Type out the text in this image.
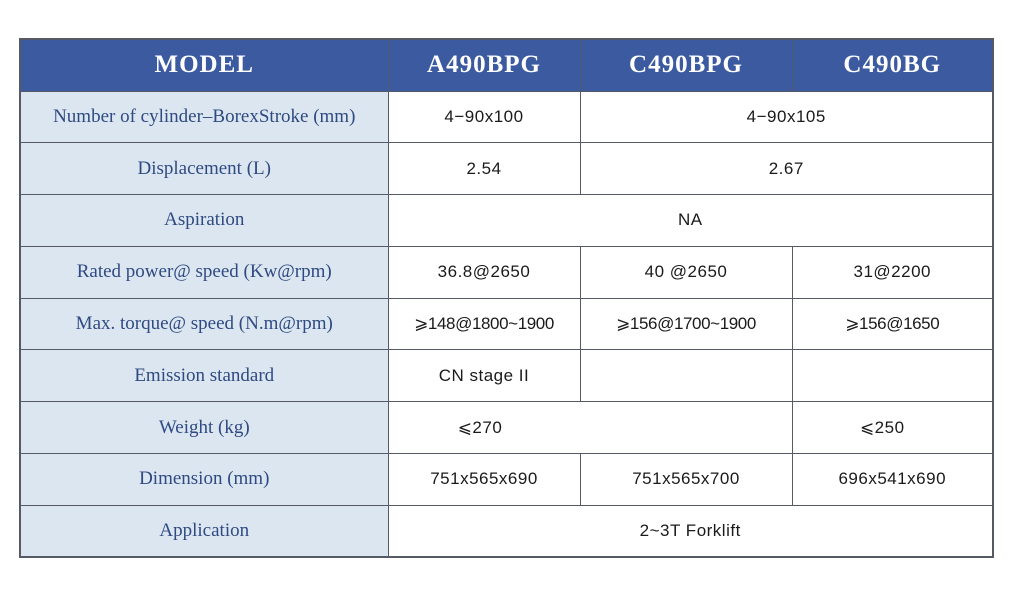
MODEL	A490BPG	C490BPG	C490BG
Number of cylinder–BorexStroke (mm)	4−90x100	4−90x105	
Displacement (L)	2.54	2.67	
Aspiration	NA		
Rated power@ speed (Kw@rpm)	36.8@2650	40 @2650	31@2200
Max. torque@ speed (N.m@rpm)	⩾148@1800~1900	⩾156@1700~1900	⩾156@1650
Emission standard	CN stage II		
Weight (kg)	⩽270		⩽250
Dimension (mm)	751x565x690	751x565x700	696x541x690
Application	2~3T Forklift		
